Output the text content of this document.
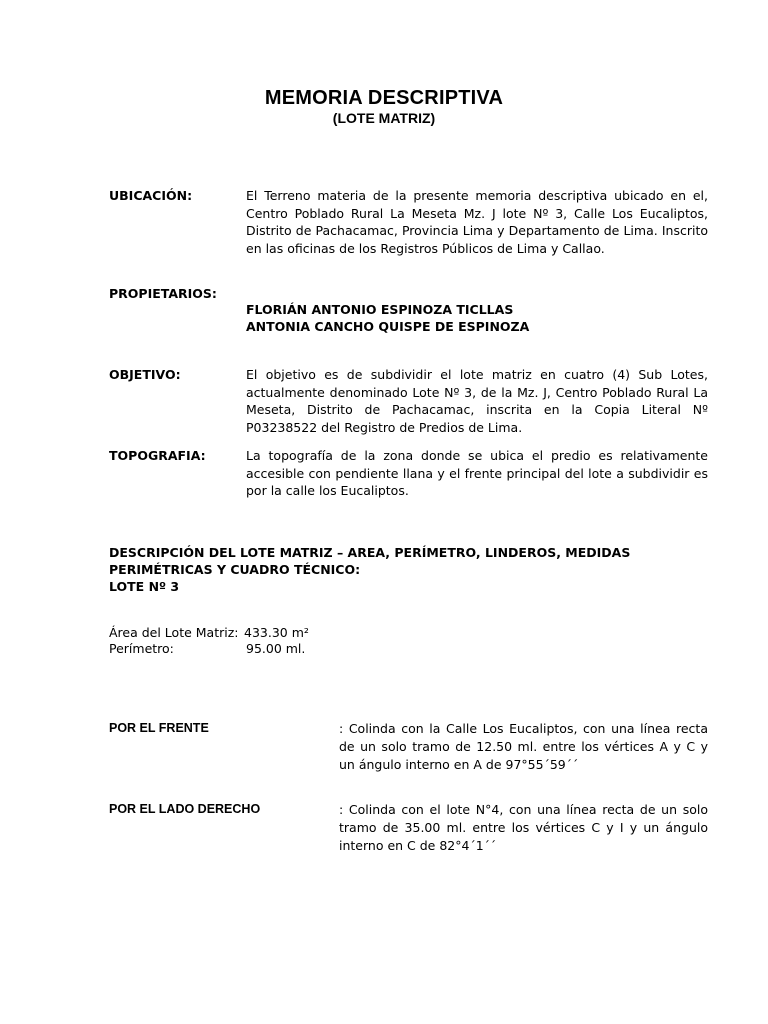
MEMORIA DESCRIPTIVA
(LOTE MATRIZ)
UBICACIÓN:	El Terreno materia de la presente memoria descriptiva ubicado en el, Centro Poblado Rural La Meseta Mz. J lote Nº 3, Calle Los Eucaliptos, Distrito de Pachacamac, Provincia Lima y Departamento de Lima. Inscrito en las oficinas de los Registros Públicos de Lima y Callao.
PROPIETARIOS:
FLORIÁN ANTONIO ESPINOZA TICLLAS
ANTONIA CANCHO QUISPE DE ESPINOZA
OBJETIVO:	El objetivo es de subdividir el lote matriz en cuatro (4) Sub Lotes, actualmente denominado Lote Nº 3, de la Mz. J, Centro Poblado Rural La Meseta, Distrito de Pachacamac, inscrita en la Copia Literal Nº P03238522 del Registro de Predios de Lima.
TOPOGRAFIA:	La topografía de la zona donde se ubica el predio es relativamente accesible con pendiente llana y el frente principal del lote a subdividir es por la calle los Eucaliptos.
DESCRIPCIÓN DEL LOTE MATRIZ – AREA, PERÍMETRO, LINDEROS, MEDIDAS
PERIMÉTRICAS Y CUADRO TÉCNICO:
LOTE Nº 3
Área del Lote Matriz: 433.30 m²
Perímetro:	95.00 ml.
POR EL FRENTE	: Colinda con la Calle Los Eucaliptos, con una línea recta de un solo tramo de 12.50 ml. entre los vértices A y C y un ángulo interno en A de 97°55´59´´
POR EL LADO DERECHO	: Colinda con el lote N°4, con una línea recta de un solo tramo de 35.00 ml. entre los vértices C y I y un ángulo interno en C de 82°4´1´´
